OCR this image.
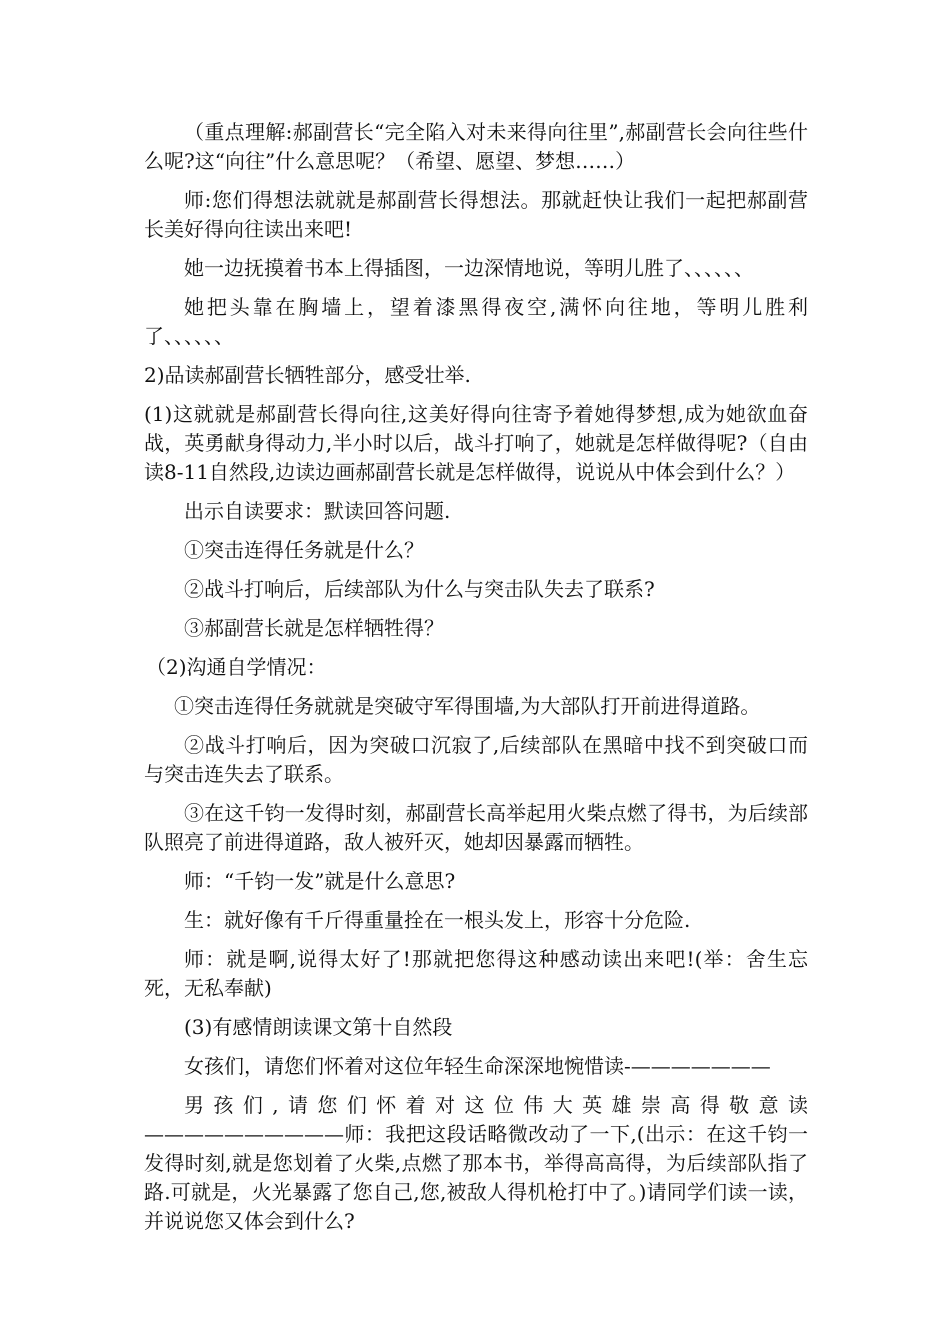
（重点理解:郝副营长“完全陷入对未来得向往里”,郝副营长会向往些什么呢?这“向往”什么意思呢？（希望、愿望、梦想……）

师:您们得想法就就是郝副营长得想法。那就赶快让我们一起把郝副营长美好得向往读出来吧!

她一边抚摸着书本上得插图，一边深情地说，等明儿胜了、、、、、、

她把头靠在胸墙上，望着漆黑得夜空,满怀向往地，等明儿胜利了、、、、、、

2)品读郝副营长牺牲部分，感受壮举.

(1)这就就是郝副营长得向往,这美好得向往寄予着她得梦想,成为她欲血奋战，英勇献身得动力,半小时以后，战斗打响了，她就是怎样做得呢?（自由读8-11自然段,边读边画郝副营长就是怎样做得，说说从中体会到什么？）

出示自读要求：默读回答问题.

①突击连得任务就是什么？

②战斗打响后，后续部队为什么与突击队失去了联系?

③郝副营长就是怎样牺牲得？

（2)沟通自学情况：

①突击连得任务就就是突破守军得围墙,为大部队打开前进得道路。

②战斗打响后，因为突破口沉寂了,后续部队在黑暗中找不到突破口而与突击连失去了联系。

③在这千钧一发得时刻，郝副营长高举起用火柴点燃了得书，为后续部队照亮了前进得道路，敌人被歼灭，她却因暴露而牺牲。

师：“千钧一发”就是什么意思?

生：就好像有千斤得重量拴在一根头发上，形容十分危险.

师：就是啊,说得太好了!那就把您得这种感动读出来吧!(举：舍生忘死，无私奉献)

(3)有感情朗读课文第十自然段

女孩们，请您们怀着对这位年轻生命深深地惋惜读-———————

男孩们,请您们怀着对这位伟大英雄崇高得敬意读——————————师：我把这段话略微改动了一下,(出示：在这千钧一发得时刻,就是您划着了火柴,点燃了那本书，举得高高得，为后续部队指了路.可就是，火光暴露了您自己,您,被敌人得机枪打中了。)请同学们读一读，并说说您又体会到什么?
